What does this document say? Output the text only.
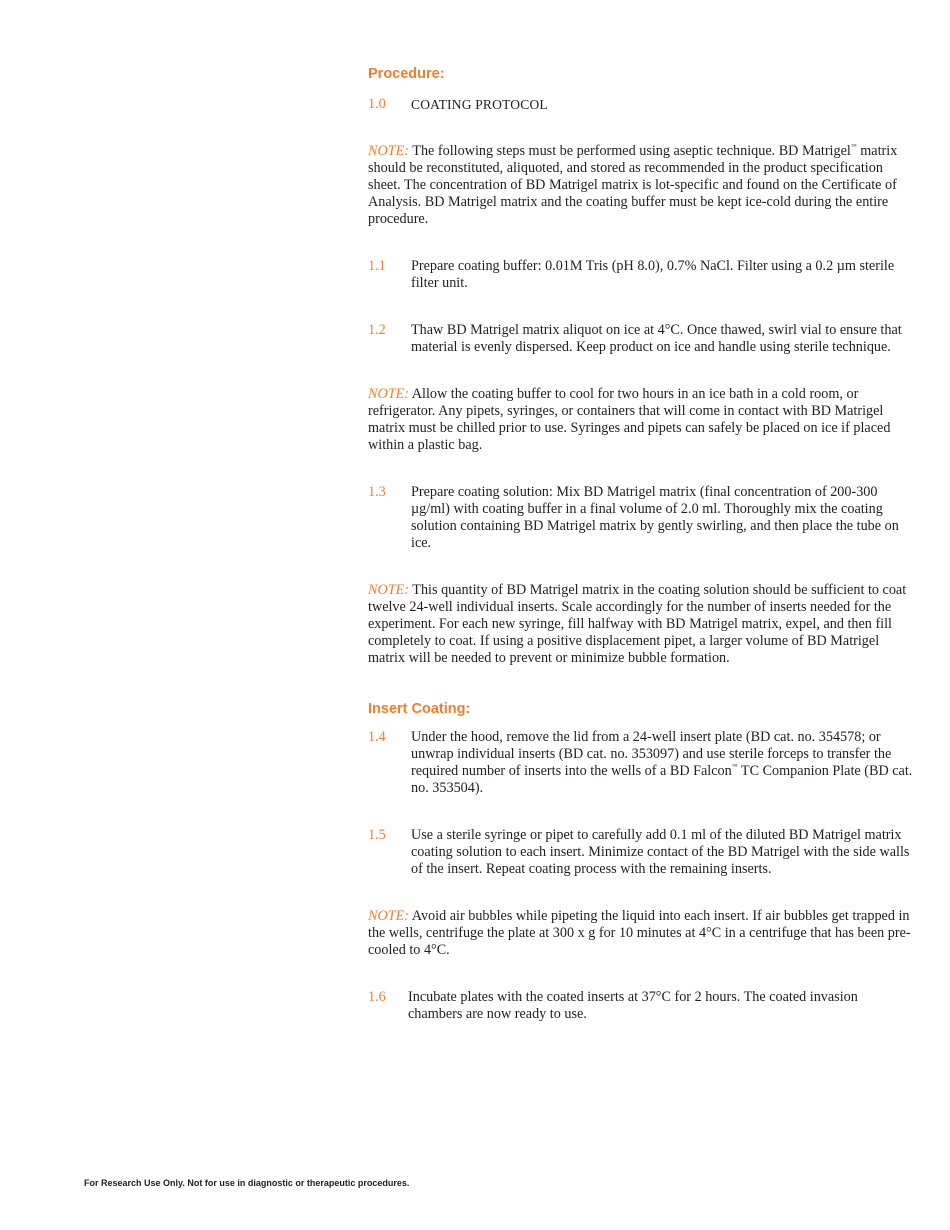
Procedure:
1.0	COATING PROTOCOL

NOTE: The following steps must be performed using aseptic technique. BD Matrigel™ matrix should be reconstituted, aliquoted, and stored as recommended in the product specification sheet. The concentration of BD Matrigel matrix is lot-specific and found on the Certificate of Analysis. BD Matrigel matrix and the coating buffer must be kept ice-cold during the entire procedure.

1.1	Prepare coating buffer: 0.01M Tris (pH 8.0), 0.7% NaCl. Filter using a 0.2 µm sterile filter unit.
1.2	Thaw BD Matrigel matrix aliquot on ice at 4°C. Once thawed, swirl vial to ensure that material is evenly dispersed. Keep product on ice and handle using sterile technique.

NOTE: Allow the coating buffer to cool for two hours in an ice bath in a cold room, or refrigerator. Any pipets, syringes, or containers that will come in contact with BD Matrigel matrix must be chilled prior to use. Syringes and pipets can safely be placed on ice if placed within a plastic bag.

1.3	Prepare coating solution: Mix BD Matrigel matrix (final concentration of 200-300 µg/ml) with coating buffer in a final volume of 2.0 ml. Thoroughly mix the coating solution containing BD Matrigel matrix by gently swirling, and then place the tube on ice.

NOTE: This quantity of BD Matrigel matrix in the coating solution should be sufficient to coat twelve 24-well individual inserts. Scale accordingly for the number of inserts needed for the experiment. For each new syringe, fill halfway with BD Matrigel matrix, expel, and then fill completely to coat. If using a positive displacement pipet, a larger volume of BD Matrigel matrix will be needed to prevent or minimize bubble formation.

Insert Coating:
1.4	Under the hood, remove the lid from a 24-well insert plate (BD cat. no. 354578; or unwrap individual inserts (BD cat. no. 353097) and use sterile forceps to transfer the required number of inserts into the wells of a BD Falcon™ TC Companion Plate (BD cat. no. 353504).
1.5	Use a sterile syringe or pipet to carefully add 0.1 ml of the diluted BD Matrigel matrix coating solution to each insert. Minimize contact of the BD Matrigel with the side walls of the insert. Repeat coating process with the remaining inserts.

NOTE: Avoid air bubbles while pipeting the liquid into each insert. If air bubbles get trapped in the wells, centrifuge the plate at 300 x g for 10 minutes at 4°C in a centrifuge that has been pre-cooled to 4°C.

1.6	Incubate plates with the coated inserts at 37°C for 2 hours. The coated invasion chambers are now ready to use.
For Research Use Only. Not for use in diagnostic or therapeutic procedures.
